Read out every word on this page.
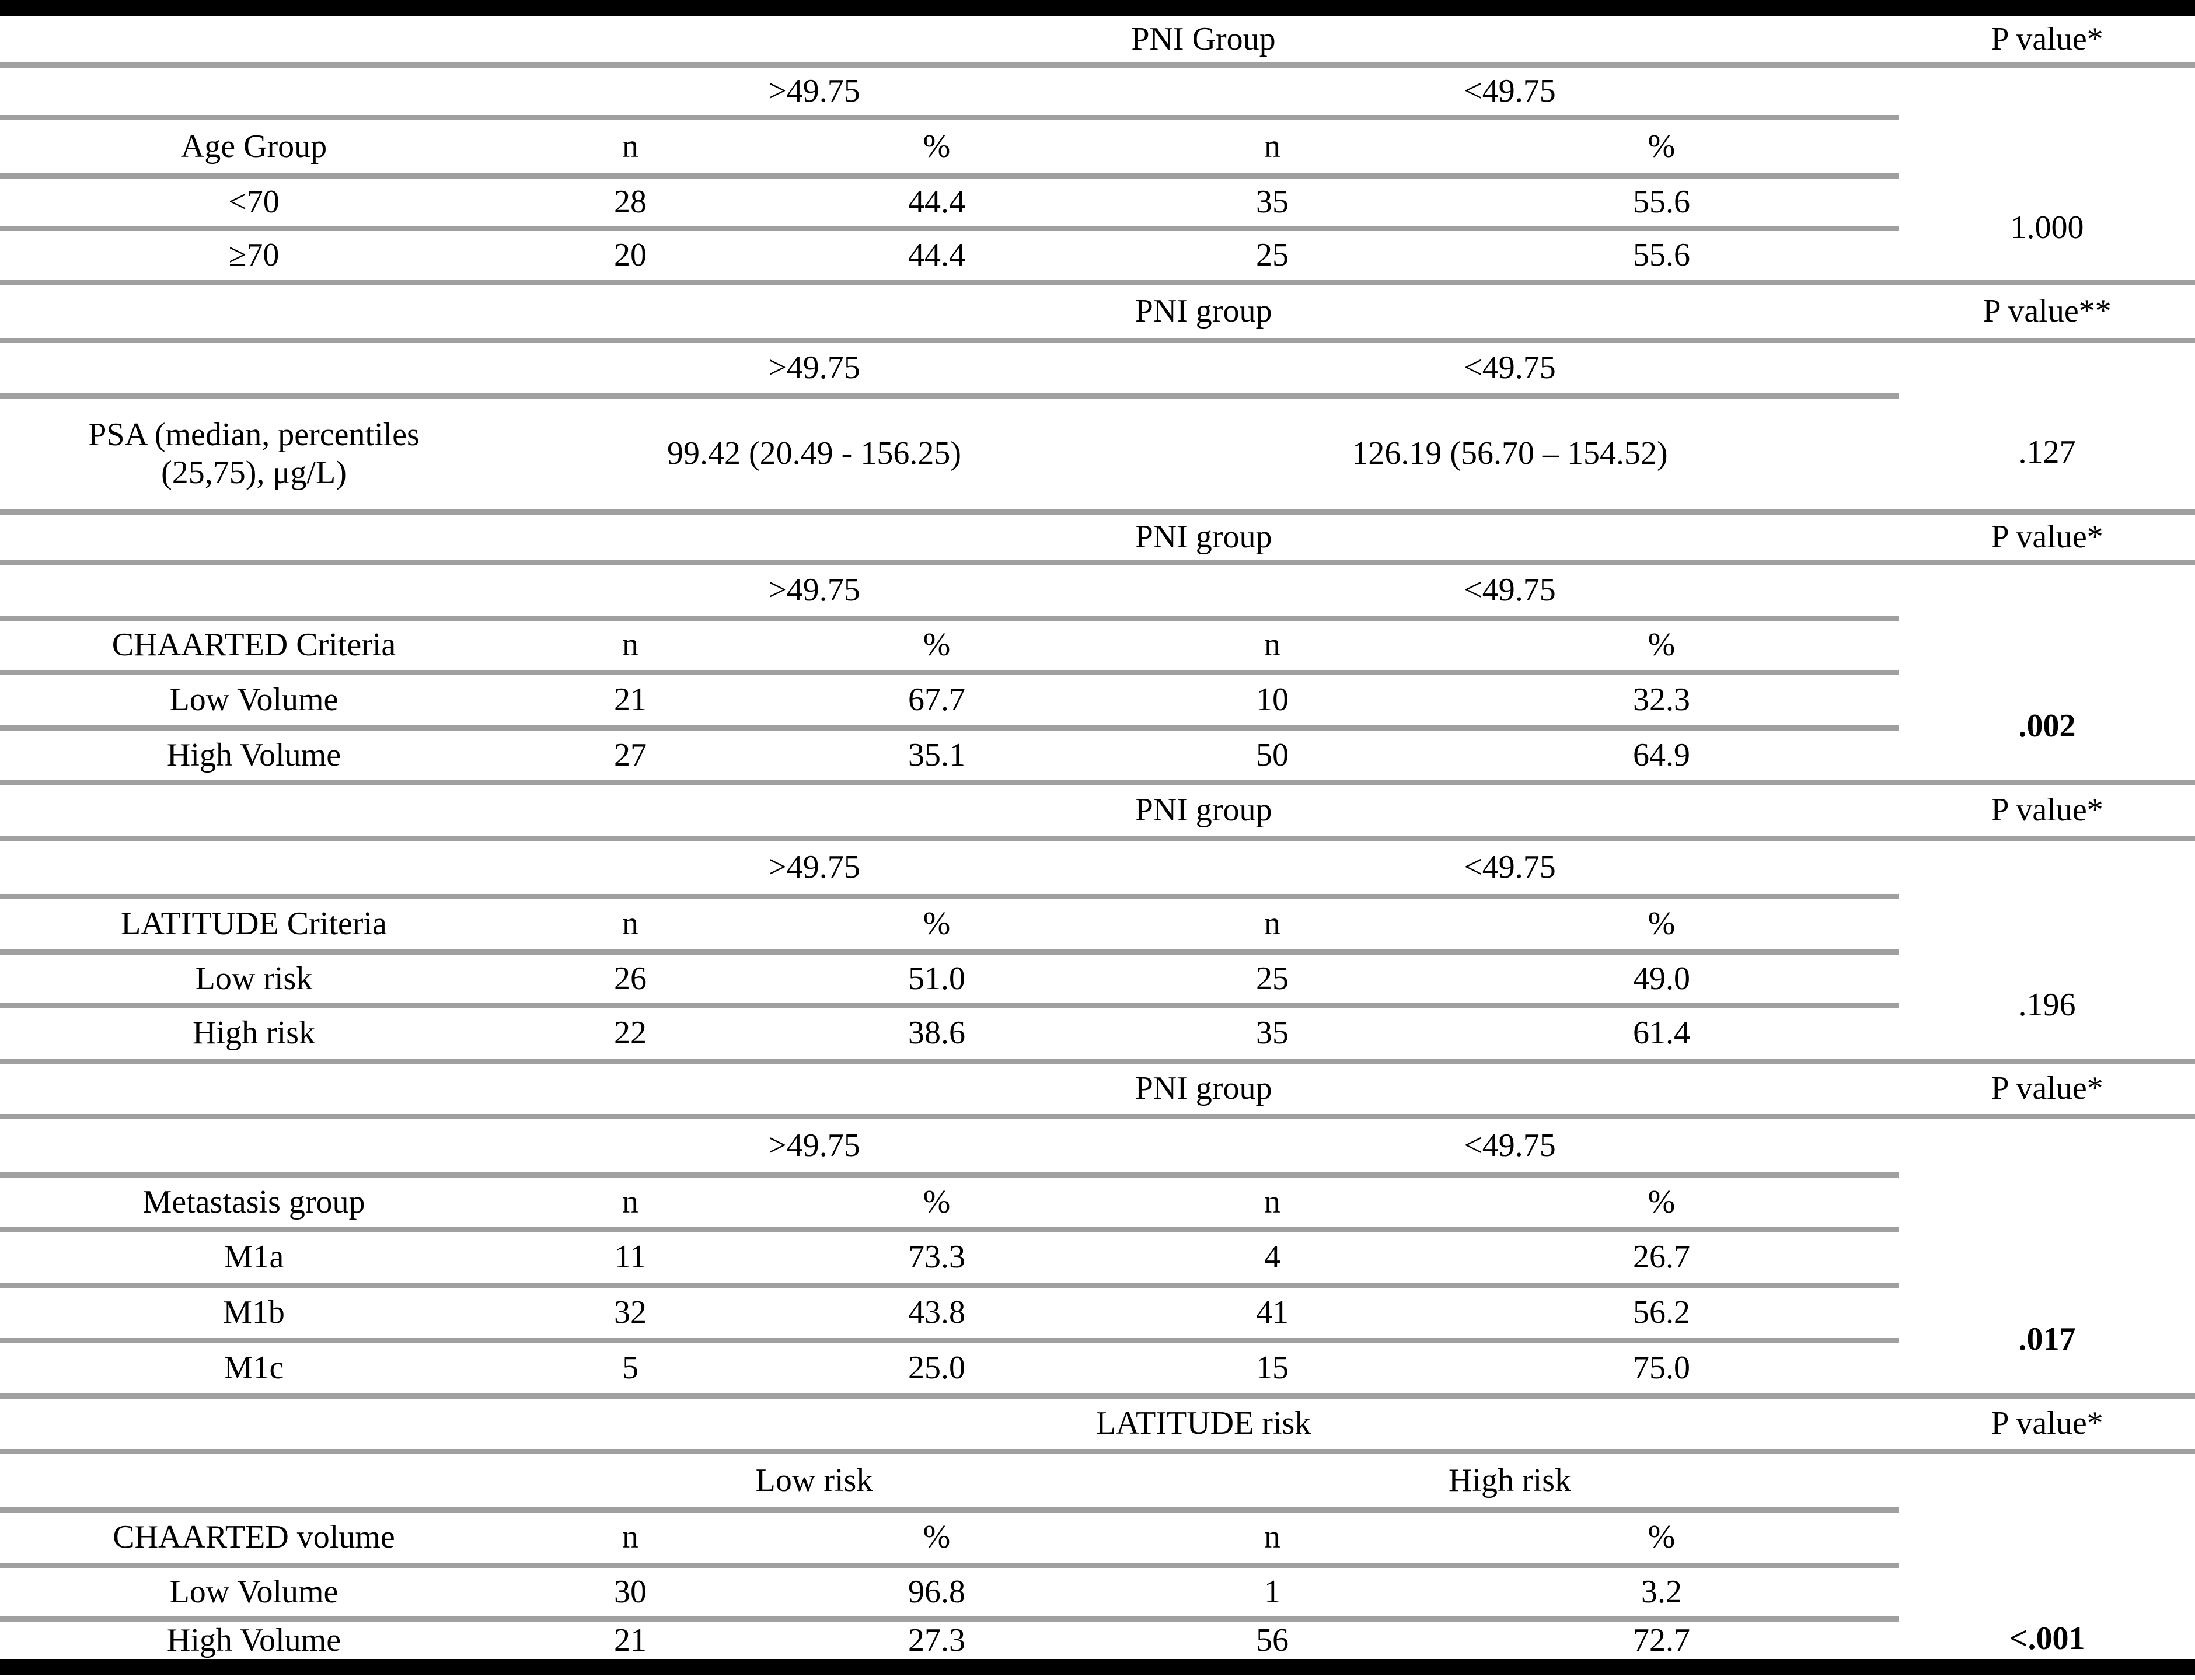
	PNI Group				P value*
	>49.75		<49.75		
Age Group	n	%	n	%	
<70	28	44.4	35	55.6	1.000
≥70	20	44.4	25	55.6	
	PNI group				P value**
	>49.75		<49.75		
PSA (median, percentiles (25,75), μg/L)	99.42 (20.49 - 156.25)		126.19 (56.70 – 154.52)		.127
	PNI group				P value*
	>49.75		<49.75		
CHAARTED Criteria	n	%	n	%	
Low Volume	21	67.7	10	32.3	.002
High Volume	27	35.1	50	64.9	
	PNI group				P value*
	>49.75		<49.75		
LATITUDE Criteria	n	%	n	%	
Low risk	26	51.0	25	49.0	.196
High risk	22	38.6	35	61.4	
	PNI group				P value*
	>49.75		<49.75		
Metastasis group	n	%	n	%	
M1a	11	73.3	4	26.7	
M1b	32	43.8	41	56.2	.017
M1c	5	25.0	15	75.0	
	LATITUDE risk				P value*
	Low risk		High risk		
CHAARTED volume	n	%	n	%	
Low Volume	30	96.8	1	3.2	
High Volume	21	27.3	56	72.7	<.001
